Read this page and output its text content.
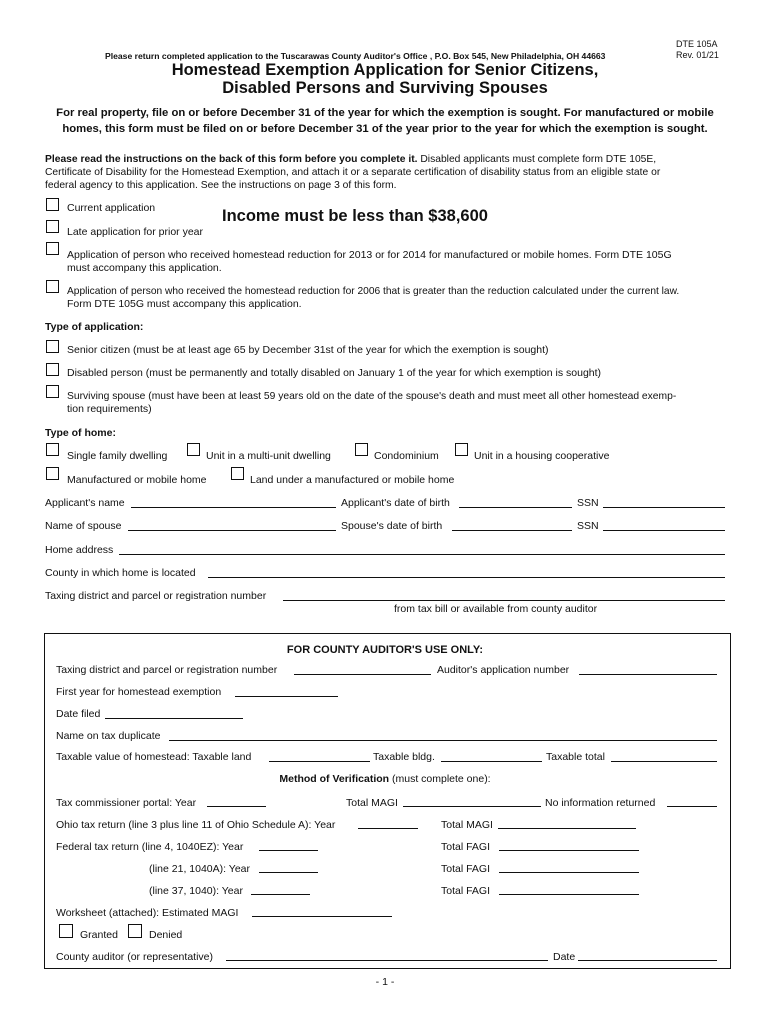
DTE 105A
Rev. 01/21
Please return completed application to the Tuscarawas County Auditor's Office , P.O. Box 545, New Philadelphia, OH 44663
Homestead Exemption Application for Senior Citizens,
Disabled Persons and Surviving Spouses
For real property, file on or before December 31 of the year for which the exemption is sought. For manufactured or mobile
homes, this form must be filed on or before December 31 of the year prior to the year for which the exemption is sought.
Please read the instructions on the back of this form before you complete it. Disabled applicants must complete form DTE 105E,
Certificate of Disability for the Homestead Exemption, and attach it or a separate certification of disability status from an eligible state or
federal agency to this application. See the instructions on page 3 of this form.
Current application	Income must be less than $38,600
Late application for prior year
Application of person who received homestead reduction for 2013 or for 2014 for manufactured or mobile homes. Form DTE 105G
must accompany this application.
Application of person who received the homestead reduction for 2006 that is greater than the reduction calculated under the current law.
Form DTE 105G must accompany this application.
Type of application:
Senior citizen (must be at least age 65 by December 31st of the year for which the exemption is sought)
Disabled person (must be permanently and totally disabled on January 1 of the year for which exemption is sought)
Surviving spouse (must have been at least 59 years old on the date of the spouse's death and must meet all other homestead exemp-
tion requirements)
Type of home:
Single family dwelling	Unit in a multi-unit dwelling	Condominium	Unit in a housing cooperative
Manufactured or mobile home	Land under a manufactured or mobile home
Applicant's name	Applicant's date of birth	SSN
Name of spouse	Spouse's date of birth	SSN
Home address
County in which home is located
Taxing district and parcel or registration number
from tax bill or available from county auditor
FOR COUNTY AUDITOR'S USE ONLY:
Taxing district and parcel or registration number	Auditor's application number
First year for homestead exemption
Date filed
Name on tax duplicate
Taxable value of homestead: Taxable land	Taxable bldg.	Taxable total
Method of Verification (must complete one):
Tax commissioner portal: Year	Total MAGI	No information returned
Ohio tax return (line 3 plus line 11 of Ohio Schedule A): Year	Total MAGI
Federal tax return (line 4, 1040EZ): Year	Total FAGI
(line 21, 1040A): Year	Total FAGI
(line 37, 1040): Year	Total FAGI
Worksheet (attached): Estimated MAGI
Granted	Denied
County auditor (or representative)	Date
- 1 -
